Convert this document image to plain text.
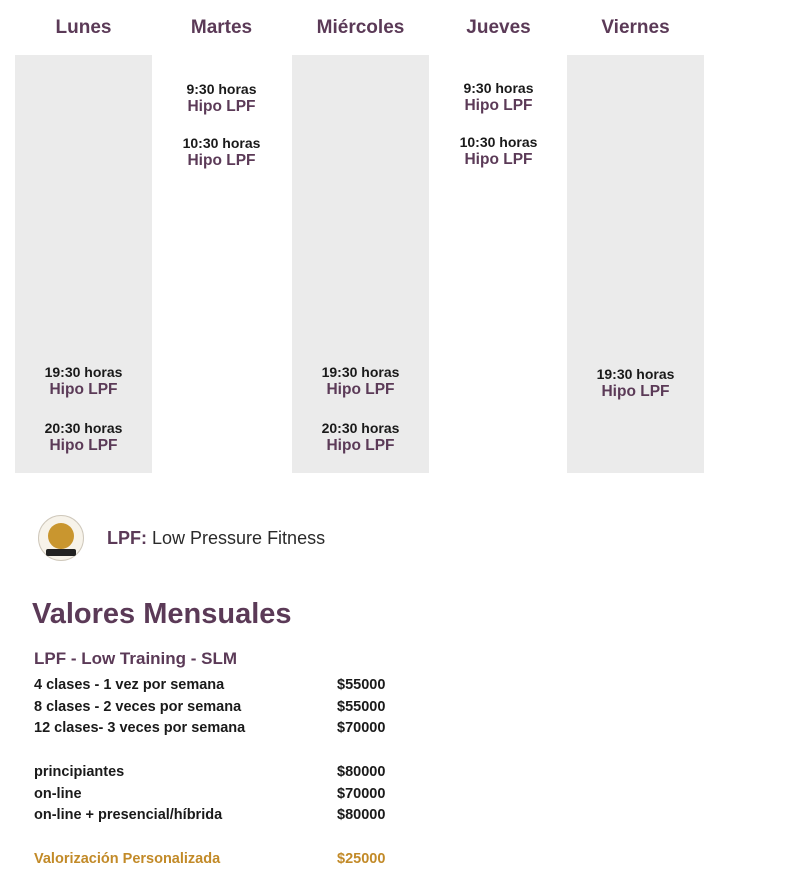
Lunes
19:30 horas
Hipo LPF
20:30 horas
Hipo LPF
Martes
9:30 horas
Hipo LPF
10:30 horas
Hipo LPF
Miércoles
19:30 horas
Hipo LPF
20:30 horas
Hipo LPF
Jueves
9:30 horas
Hipo LPF
10:30 horas
Hipo LPF
Viernes
19:30 horas
Hipo LPF
LPF: Low Pressure Fitness
Valores Mensuales
LPF - Low Training - SLM
4 clases - 1 vez por semana	$55000
8 clases - 2 veces por semana	$55000
12 clases- 3 veces por semana	$70000
principiantes	$80000
on-line	$70000
on-line + presencial/híbrida	$80000
Valorización Personalizada	$25000
